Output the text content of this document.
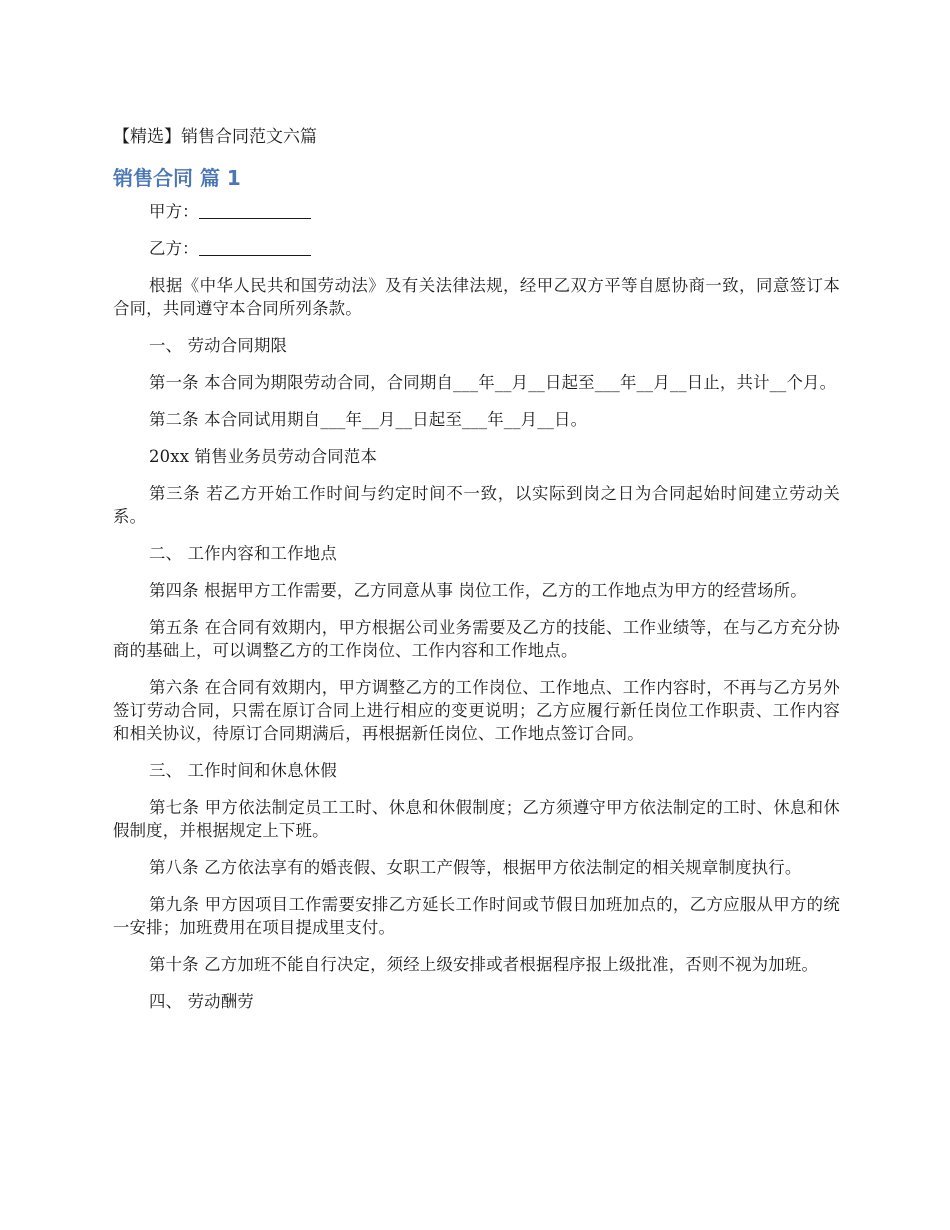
【精选】销售合同范文六篇
销售合同 篇 1

甲方：

乙方：

根据《中华人民共和国劳动法》及有关法律法规，经甲乙双方平等自愿协商一致，同意签订本合同，共同遵守本合同所列条款。

一、 劳动合同期限

第一条 本合同为期限劳动合同，合同期自___年__月__日起至___年__月__日止，共计__个月。

第二条 本合同试用期自___年__月__日起至___年__月__日。

20xx 销售业务员劳动合同范本

第三条 若乙方开始工作时间与约定时间不一致，以实际到岗之日为合同起始时间建立劳动关系。

二、 工作内容和工作地点

第四条 根据甲方工作需要，乙方同意从事 岗位工作，乙方的工作地点为甲方的经营场所。

第五条 在合同有效期内，甲方根据公司业务需要及乙方的技能、工作业绩等，在与乙方充分协商的基础上，可以调整乙方的工作岗位、工作内容和工作地点。

第六条 在合同有效期内，甲方调整乙方的工作岗位、工作地点、工作内容时，不再与乙方另外签订劳动合同，只需在原订合同上进行相应的变更说明；乙方应履行新任岗位工作职责、工作内容和相关协议，待原订合同期满后，再根据新任岗位、工作地点签订合同。

三、 工作时间和休息休假

第七条 甲方依法制定员工工时、休息和休假制度；乙方须遵守甲方依法制定的工时、休息和休假制度，并根据规定上下班。

第八条 乙方依法享有的婚丧假、女职工产假等，根据甲方依法制定的相关规章制度执行。

第九条 甲方因项目工作需要安排乙方延长工作时间或节假日加班加点的，乙方应服从甲方的统一安排；加班费用在项目提成里支付。

第十条 乙方加班不能自行决定，须经上级安排或者根据程序报上级批准，否则不视为加班。

四、 劳动酬劳
